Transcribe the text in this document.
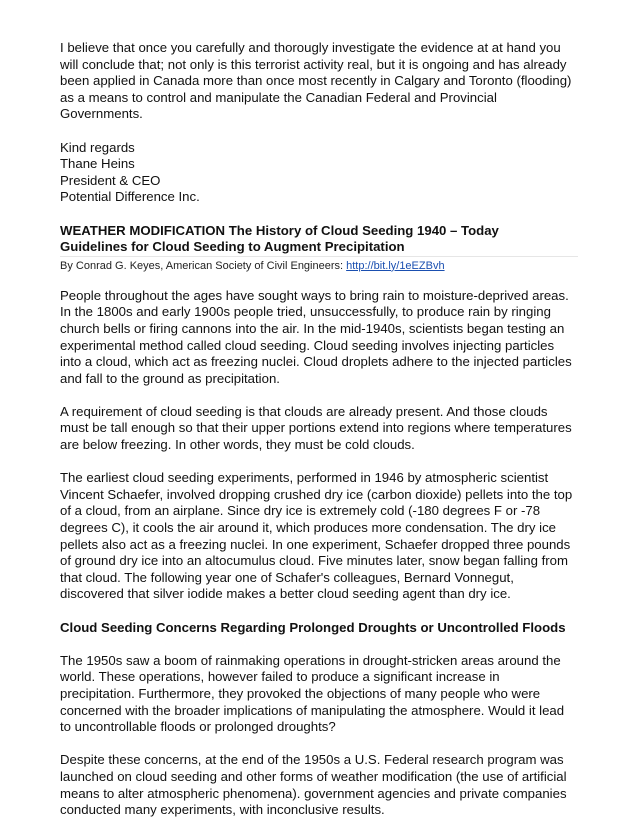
I believe that once you carefully and thorougly investigate the evidence at at hand you will conclude that; not only is this terrorist activity real, but it is ongoing and has already been applied in Canada more than once most recently in Calgary and Toronto (flooding) as a means to control and manipulate the Canadian Federal and Provincial Governments.

Kind regards
Thane Heins
President & CEO
Potential Difference Inc.
WEATHER MODIFICATION The History of Cloud Seeding 1940 – Today
Guidelines for Cloud Seeding to Augment Precipitation
By Conrad G. Keyes, American Society of Civil Engineers: http://bit.ly/1eEZBvh

People throughout the ages have sought ways to bring rain to moisture-deprived areas. In the 1800s and early 1900s people tried, unsuccessfully, to produce rain by ringing church bells or firing cannons into the air. In the mid-1940s, scientists began testing an experimental method called cloud seeding. Cloud seeding involves injecting particles into a cloud, which act as freezing nuclei. Cloud droplets adhere to the injected particles and fall to the ground as precipitation.

A requirement of cloud seeding is that clouds are already present. And those clouds must be tall enough so that their upper portions extend into regions where temperatures are below freezing. In other words, they must be cold clouds.

The earliest cloud seeding experiments, performed in 1946 by atmospheric scientist Vincent Schaefer, involved dropping crushed dry ice (carbon dioxide) pellets into the top of a cloud, from an airplane. Since dry ice is extremely cold (-180 degrees F or -78 degrees C), it cools the air around it, which produces more condensation. The dry ice pellets also act as a freezing nuclei. In one experiment, Schaefer dropped three pounds of ground dry ice into an altocumulus cloud. Five minutes later, snow began falling from that cloud. The following year one of Schafer's colleagues, Bernard Vonnegut, discovered that silver iodide makes a better cloud seeding agent than dry ice.

Cloud Seeding Concerns Regarding Prolonged Droughts or Uncontrolled Floods

The 1950s saw a boom of rainmaking operations in drought-stricken areas around the world. These operations, however failed to produce a significant increase in precipitation. Furthermore, they provoked the objections of many people who were concerned with the broader implications of manipulating the atmosphere. Would it lead to uncontrollable floods or prolonged droughts?

Despite these concerns, at the end of the 1950s a U.S. Federal research program was launched on cloud seeding and other forms of weather modification (the use of artificial means to alter atmospheric phenomena). government agencies and private companies conducted many experiments, with inconclusive results.
